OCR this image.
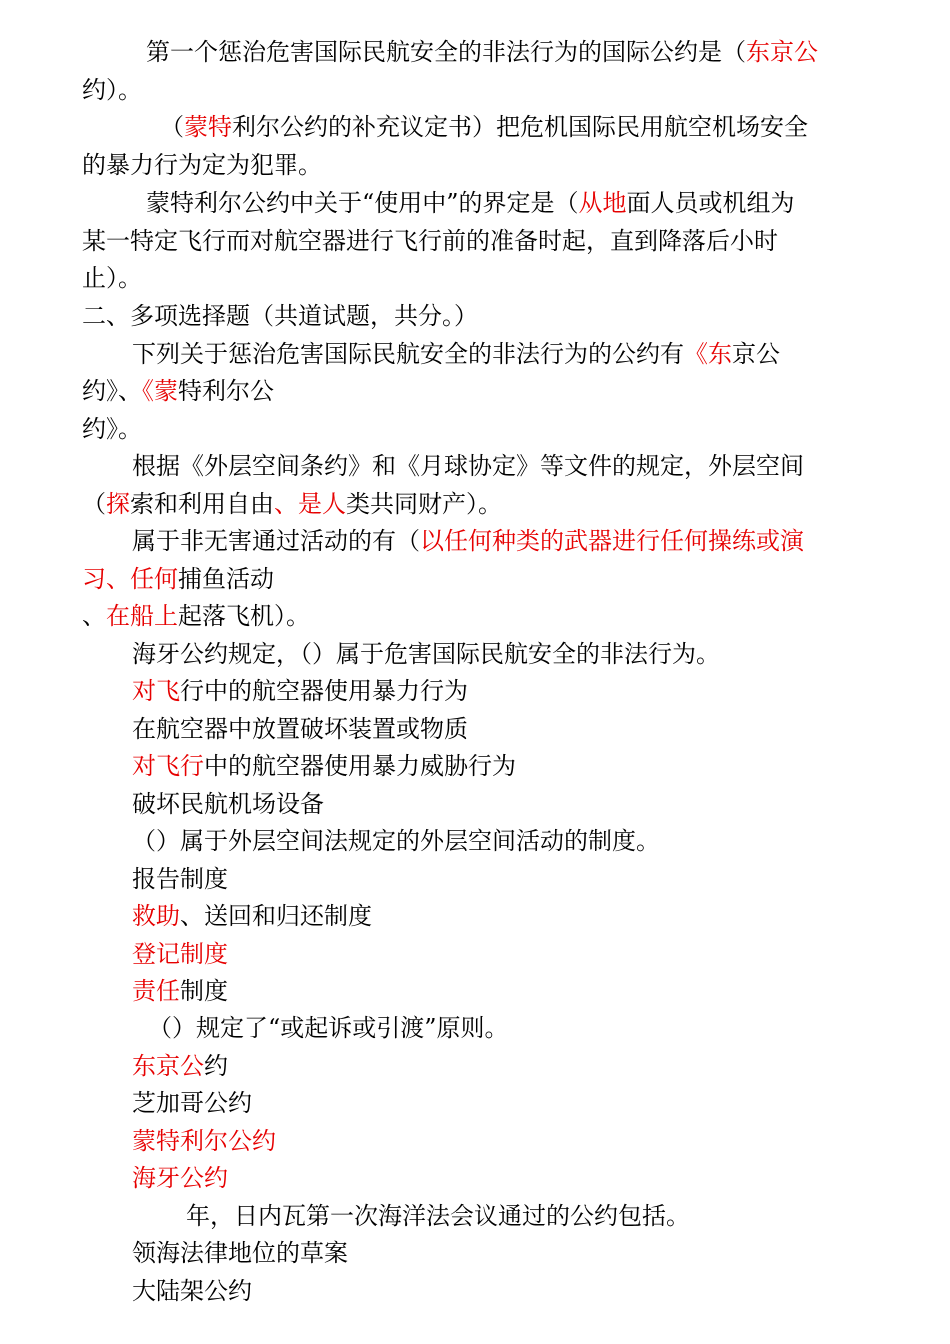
第一个惩治危害国际民航安全的非法行为的国际公约是（东京公
约）。
（蒙特利尔公约的补充议定书）把危机国际民用航空机场安全
的暴力行为定为犯罪。
蒙特利尔公约中关于“使用中”的界定是（从地面人员或机组为
某一特定飞行而对航空器进行飞行前的准备时起，直到降落后小时
止）。
二、多项选择题（共道试题，共分。）
下列关于惩治危害国际民航安全的非法行为的公约有《东京公
约》、《蒙特利尔公
约》。
根据《外层空间条约》和《月球协定》等文件的规定，外层空间
（探索和利用自由、是人类共同财产）。
属于非无害通过活动的有（以任何种类的武器进行任何操练或演
习、任何捕鱼活动
、在船上起落飞机）。
海牙公约规定，（）属于危害国际民航安全的非法行为。
对飞行中的航空器使用暴力行为
在航空器中放置破坏装置或物质
对飞行中的航空器使用暴力威胁行为
破坏民航机场设备
（）属于外层空间法规定的外层空间活动的制度。
报告制度
救助、送回和归还制度
登记制度
责任制度
（）规定了“或起诉或引渡”原则。
东京公约
芝加哥公约
蒙特利尔公约
海牙公约
年，日内瓦第一次海洋法会议通过的公约包括。
领海法律地位的草案
大陆架公约
